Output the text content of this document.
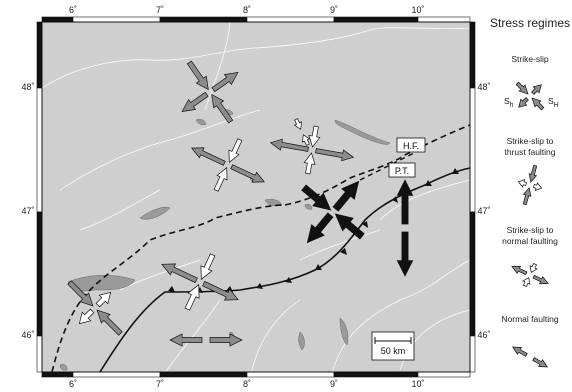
H.F.
P.T.
50 km
6˚	7˚	8˚	9˚	10˚
6˚	7˚	8˚	9˚	10˚
48˚
47˚
46˚
48˚
47˚
46˚
Stress regimes
Strike-slip
$S_h$	$S_H$
Strike-slip to
thrust faulting
Strike-slip to
normal faulting
Normal faulting
